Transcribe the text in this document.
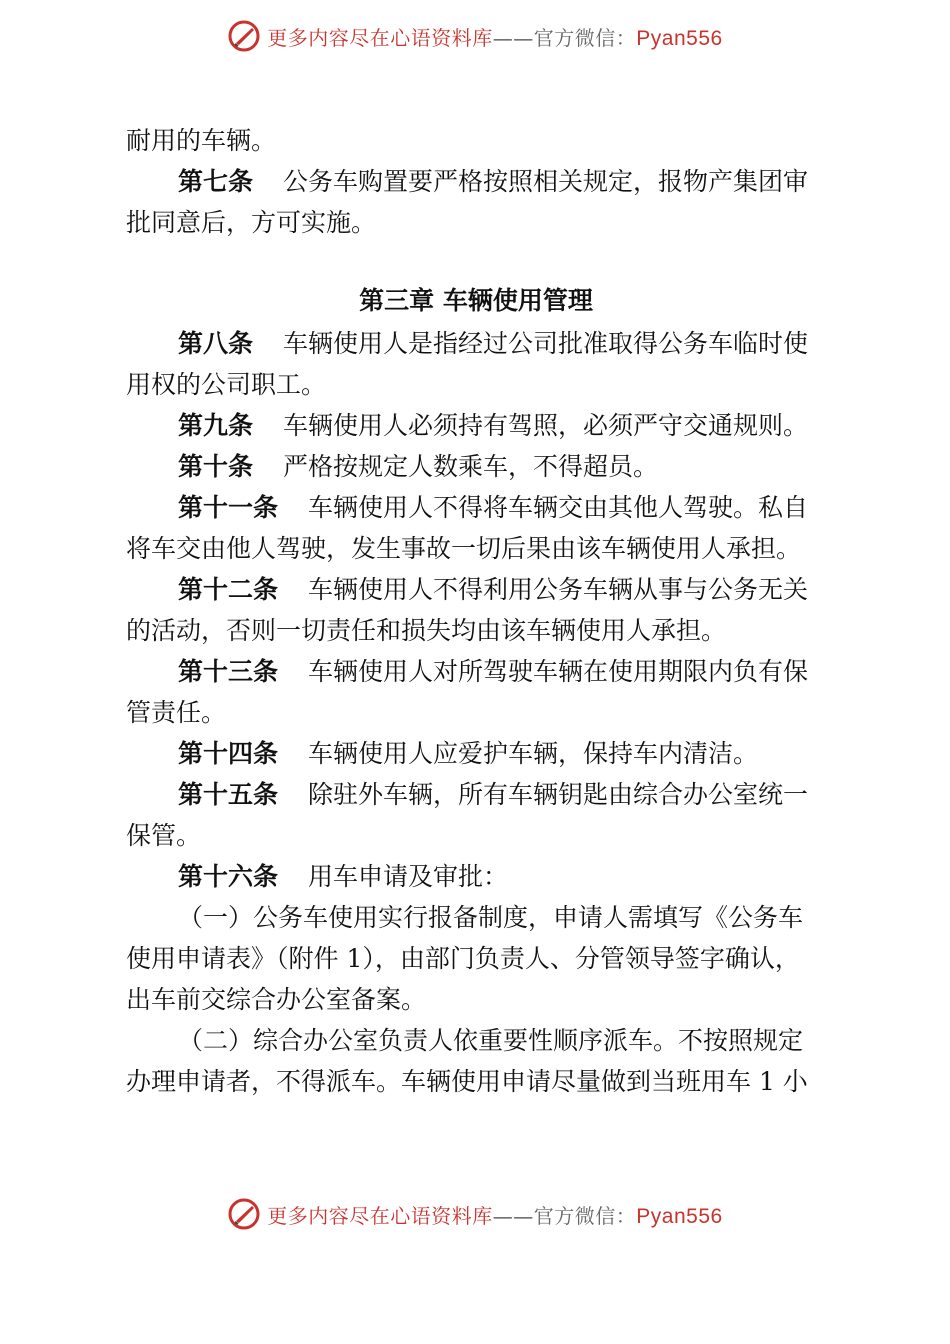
更多内容尽在心语资料库——官方微信：Pyan556
耐用的车辆。
第七条 公务车购置要严格按照相关规定，报物产集团审
批同意后，方可实施。
第三章 车辆使用管理
第八条 车辆使用人是指经过公司批准取得公务车临时使
用权的公司职工。
第九条 车辆使用人必须持有驾照，必须严守交通规则。
第十条 严格按规定人数乘车，不得超员。
第十一条 车辆使用人不得将车辆交由其他人驾驶。私自
将车交由他人驾驶，发生事故一切后果由该车辆使用人承担。
第十二条 车辆使用人不得利用公务车辆从事与公务无关
的活动，否则一切责任和损失均由该车辆使用人承担。
第十三条 车辆使用人对所驾驶车辆在使用期限内负有保
管责任。
第十四条 车辆使用人应爱护车辆，保持车内清洁。
第十五条 除驻外车辆，所有车辆钥匙由综合办公室统一
保管。
第十六条 用车申请及审批：
（一）公务车使用实行报备制度，申请人需填写《公务车
使用申请表》（附件 1），由部门负责人、分管领导签字确认，
出车前交综合办公室备案。
（二）综合办公室负责人依重要性顺序派车。不按照规定
办理申请者，不得派车。车辆使用申请尽量做到当班用车 1 小
更多内容尽在心语资料库——官方微信：Pyan556
